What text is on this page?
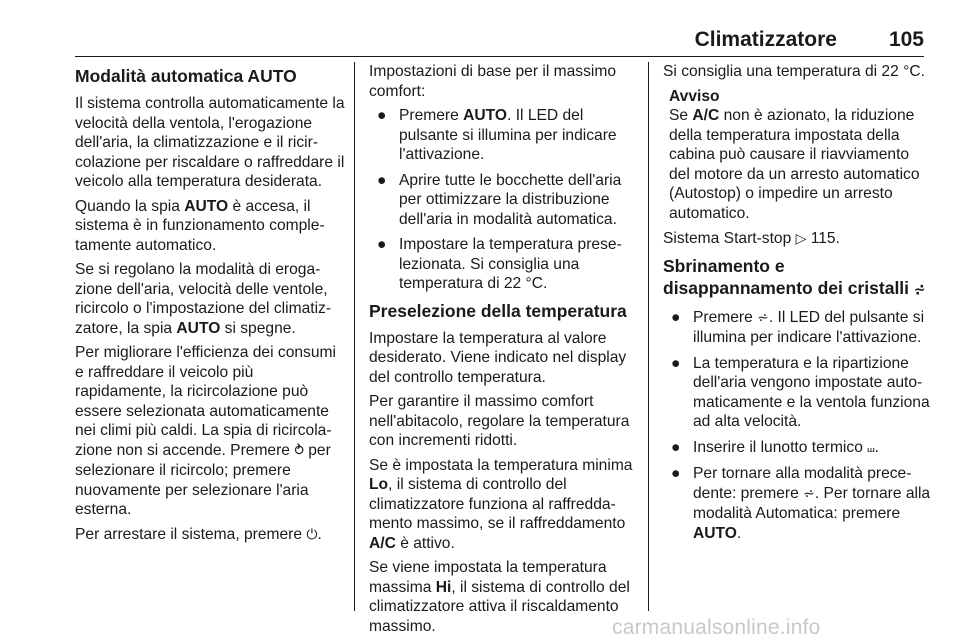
Climatizzatore 105
Modalità automatica AUTO

Il sistema controlla automaticamente la velocità della ventola, l'erogazione dell'aria, la climatizzazione e il ricircolazione per riscaldare o raffreddare il veicolo alla temperatura desiderata.

Quando la spia AUTO è accesa, il sistema è in funzionamento completamente automatico.

Se si regolano la modalità di erogazione dell'aria, velocità delle ventole, ricircolo o l'impostazione del climatizzatore, la spia AUTO si spegne.

Per migliorare l'efficienza dei consumi e raffreddare il veicolo più rapidamente, la ricircolazione può essere selezionata automaticamente nei climi più caldi. La spia di ricircolazione non si accende. Premere ⥁ per selezionare il ricircolo; premere nuovamente per selezionare l'aria esterna.

Per arrestare il sistema, premere ⏻.

Impostazioni di base per il massimo comfort:

● Premere AUTO. Il LED del pulsante si illumina per indicare l'attivazione.
● Aprire tutte le bocchette dell'aria per ottimizzare la distribuzione dell'aria in modalità automatica.
● Impostare la temperatura preselezionata. Si consiglia una temperatura di 22 °C.
Preselezione della temperatura

Impostare la temperatura al valore desiderato. Viene indicato nel display del controllo temperatura.

Per garantire il massimo comfort nell'abitacolo, regolare la temperatura con incrementi ridotti.

Se è impostata la temperatura minima Lo, il sistema di controllo del climatizzatore funziona al raffreddamento massimo, se il raffreddamento A/C è attivo.

Se viene impostata la temperatura massima Hi, il sistema di controllo del climatizzatore attiva il riscaldamento massimo.

Si consiglia una temperatura di 22 °C.

Avviso
Se A/C non è azionato, la riduzione della temperatura impostata della cabina può causare il riavviamento del motore da un arresto automatico (Autostop) o impedire un arresto automatico.

Sistema Start-stop ▷ 115.

Sbrinamento e disappannamento dei cristalli ⩫
● Premere ⩫. Il LED del pulsante si illumina per indicare l'attivazione.
● La temperatura e la ripartizione dell'aria vengono impostate automaticamente e la ventola funziona ad alta velocità.
● Inserire il lunotto termico ⧢.
● Per tornare alla modalità precedente: premere ⩫. Per tornare alla modalità Automatica: premere AUTO.
carmanualsonline.info
